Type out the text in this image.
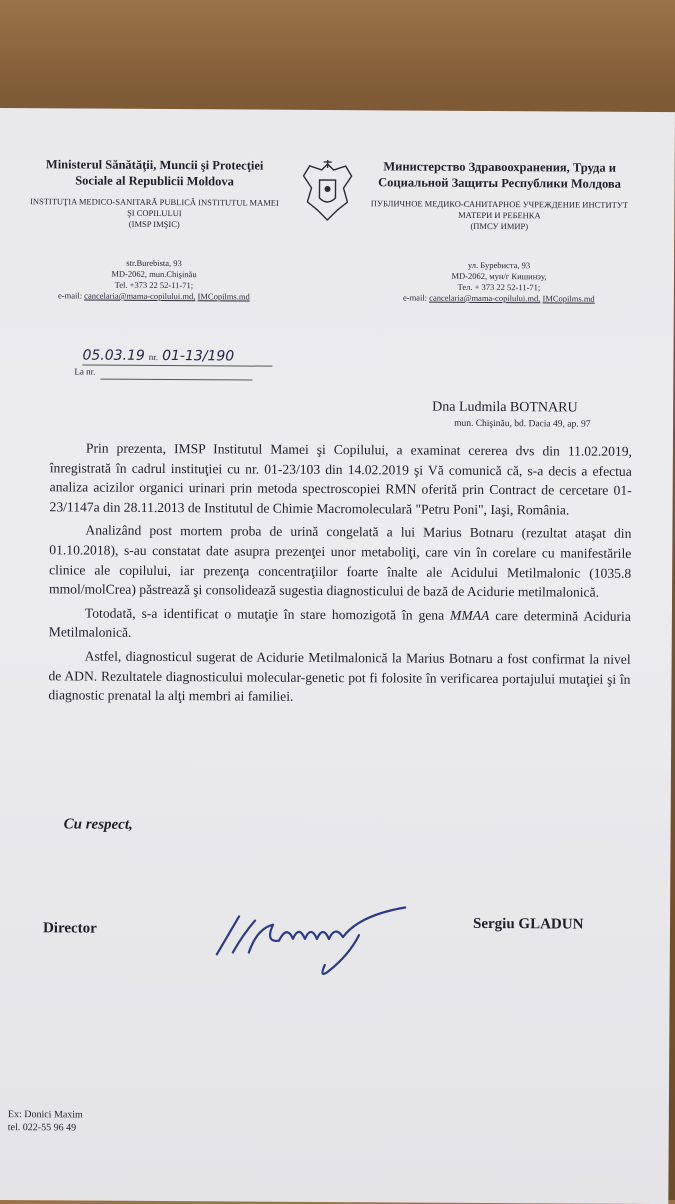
Ministerul Sănătăţii, Muncii şi Protecţiei Sociale al Republicii Moldova
INSTITUŢIA MEDICO-SANITARĂ PUBLICĂ INSTITUTUL MAMEI ŞI COPILULUI
(IMSP IMŞIC)
str.Burebista, 93
MD-2062, mun.Chişinău
Tel. +373 22 52-11-71;
e-mail: cancelaria@mama-copilului.md, IMCopilms.md
Министерство Здравоохранения, Труда и Социальной Защиты Республики Молдова
ПУБЛИЧНОЕ МЕДИКО-САНИТАРНОЕ УЧРЕЖДЕНИЕ ИНСТИТУТ МАТЕРИ И РЕБЕНКА
(ПМСУ ИМИР)
ул. Бурebиста, 93
MD-2062, мун/г Кишинэу,
Тел. + 373 22 52-11-71;
e-mail: cancelaria@mama-copilului.md, IMCopilms.md
05.03.19 nr. 01-13/190
La nr.
Dna Ludmila BOTNARU
mun. Chişinău, bd. Dacia 49, ap. 97

Prin prezenta, IMSP Institutul Mamei şi Copilului, a examinat cererea dvs din 11.02.2019, înregistrată în cadrul instituţiei cu nr. 01-23/103 din 14.02.2019 şi Vă comunică că, s-a decis a efectua analiza acizilor organici urinari prin metoda spectroscopiei RMN oferită prin Contract de cercetare 01-23/1147a din 28.11.2013 de Institutul de Chimie Macromoleculară "Petru Poni", Iaşi, România.

Analizând post mortem proba de urină congelată a lui Marius Botnaru (rezultat ataşat din 01.10.2018), s-au constatat date asupra prezenţei unor metaboliţi, care vin în corelare cu manifestările clinice ale copilului, iar prezenţa concentraţiilor foarte înalte ale Acidului Metilmalonic (1035.8 mmol/molCrea) păstrează şi consolidează sugestia diagnosticului de bază de Acidurie metilmalonică.

Totodată, s-a identificat o mutaţie în stare homozigotă în gena MMAA care determină Aciduria Metilmalonică.

Astfel, diagnosticul sugerat de Acidurie Metilmalonică la Marius Botnaru a fost confirmat la nivel de ADN. Rezultatele diagnosticului molecular-genetic pot fi folosite în verificarea portajului mutaţiei şi în diagnostic prenatal la alţi membri ai familiei.

Cu respect,
Director	Sergiu GLADUN
Ex: Donici Maxim
tel. 022-55 96 49
